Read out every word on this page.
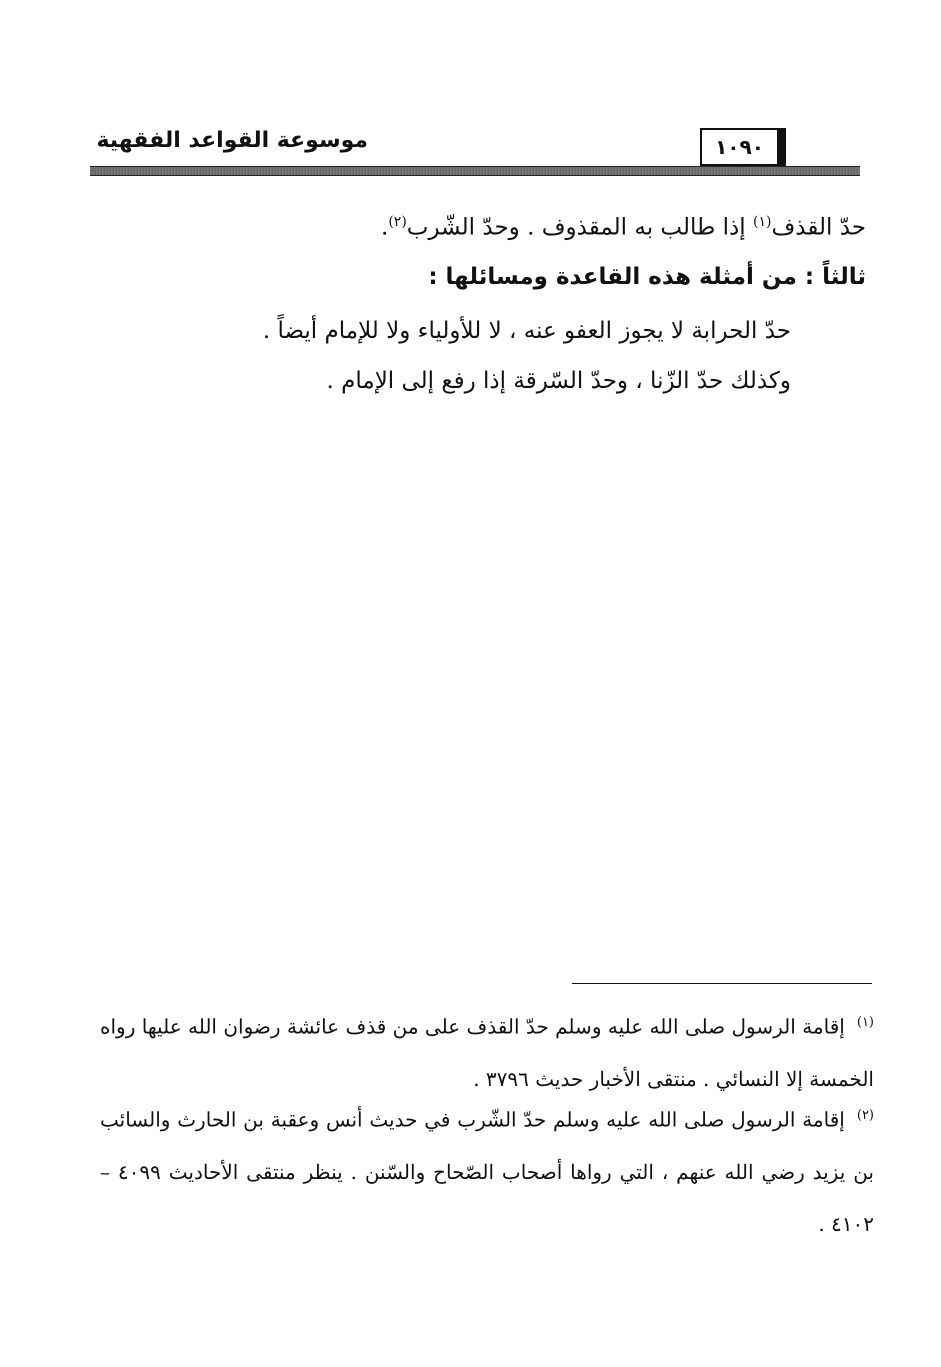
موسوعة القواعد الفقهية	١٠٩٠
حدّ القذف$^{(١)}$ إذا طالب به المقذوف . وحدّ الشّرب$^{(٢)}$.
ثالثاً : من أمثلة هذه القاعدة ومسائلها :
حدّ الحرابة لا يجوز العفو عنه ، لا للأولياء ولا للإمام أيضاً .
وكذلك حدّ الزّنا ، وحدّ السّرقة إذا رفع إلى الإمام .
$^{(١)}$إقامة الرسول صلى الله عليه وسلم حدّ القذف على من قذف عائشة رضوان الله عليها رواه الخمسة إلا النسائي . منتقى الأخبار حديث ٣٧٩٦ .
$^{(٢)}$إقامة الرسول صلى الله عليه وسلم حدّ الشّرب في حديث أنس وعقبة بن الحارث والسائب بن يزيد رضي الله عنهم ، التي رواها أصحاب الصّحاح والسّنن . ينظر منتقى الأحاديث ٤٠٩٩ – ٤١٠٢ .
